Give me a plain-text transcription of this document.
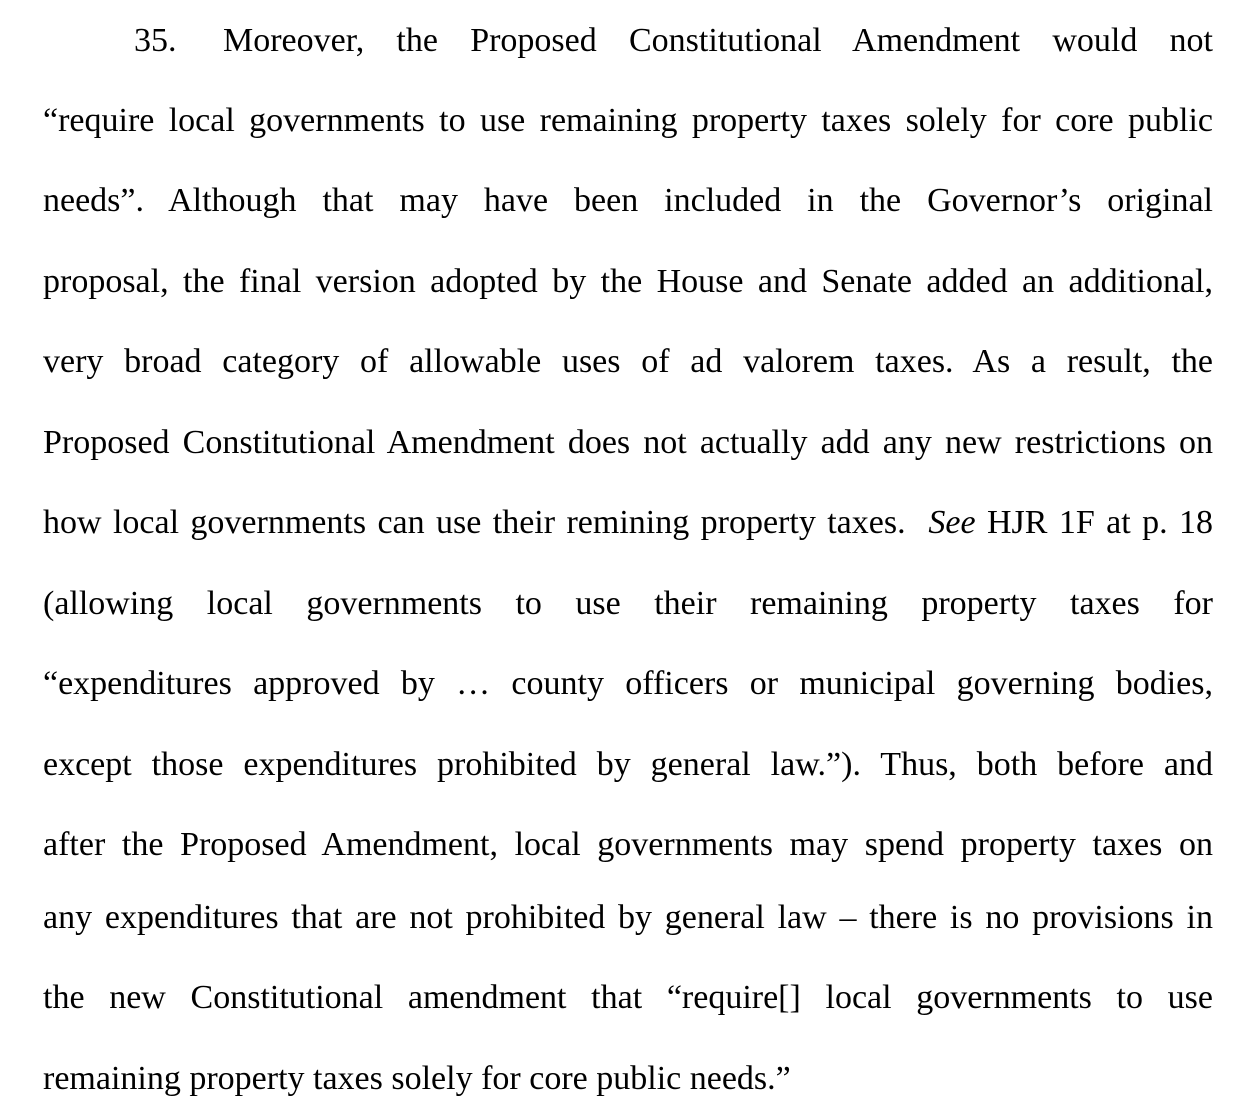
35. Moreover, the Proposed Constitutional Amendment would not
“require local governments to use remaining property taxes solely for core public
needs”. Although that may have been included in the Governor’s original
proposal, the final version adopted by the House and Senate added an additional,
very broad category of allowable uses of ad valorem taxes. As a result, the
Proposed Constitutional Amendment does not actually add any new restrictions on
how local governments can use their remining property taxes. See HJR 1F at p. 18
(allowing local governments to use their remaining property taxes for
“expenditures approved by … county officers or municipal governing bodies,
except those expenditures prohibited by general law.”). Thus, both before and
after the Proposed Amendment, local governments may spend property taxes on
any expenditures that are not prohibited by general law – there is no provisions in
the new Constitutional amendment that “require[] local governments to use
remaining property taxes solely for core public needs.”
